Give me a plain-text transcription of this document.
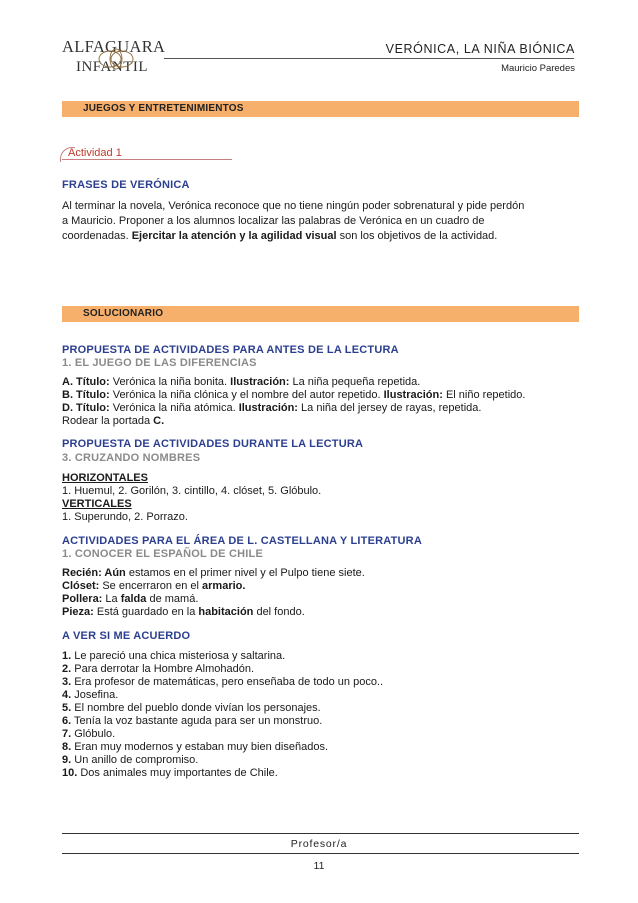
ALFAGUARA
INFANTIL
VERÓNICA, LA NIÑA BIÓNICA
Mauricio Paredes
JUEGOS Y ENTRETENIMIENTOS
Actividad 1
FRASES DE VERÓNICA
Al terminar la novela, Verónica reconoce que no tiene ningún poder sobrenatural y pide perdón
a Mauricio. Proponer a los alumnos localizar las palabras de Verónica en un cuadro de
coordenadas. Ejercitar la atención y la agilidad visual son los objetivos de la actividad.
SOLUCIONARIO
PROPUESTA DE ACTIVIDADES PARA ANTES DE LA LECTURA
1. EL JUEGO DE LAS DIFERENCIAS
A. Título: Verónica la niña bonita. Ilustración: La niña pequeña repetida.
B. Título: Verónica la niña clónica y el nombre del autor repetido. Ilustración: El niño repetido.
D. Título: Verónica la niña atómica. Ilustración: La niña del jersey de rayas, repetida.
Rodear la portada C.
PROPUESTA DE ACTIVIDADES DURANTE LA LECTURA
3. CRUZANDO NOMBRES
HORIZONTALES
1. Huemul, 2. Gorilón, 3. cintillo, 4. clóset, 5. Glóbulo.
VERTICALES
1. Superundo, 2. Porrazo.
ACTIVIDADES PARA EL ÁREA DE L. CASTELLANA Y LITERATURA
1. CONOCER EL ESPAÑOL DE CHILE
Recién: Aún estamos en el primer nivel y el Pulpo tiene siete.
Clóset: Se encerraron en el armario.
Pollera: La falda de mamá.
Pieza: Está guardado en la habitación del fondo.
A VER SI ME ACUERDO
1. Le pareció una chica misteriosa y saltarina.
2. Para derrotar la Hombre Almohadón.
3. Era profesor de matemáticas, pero enseñaba de todo un poco..
4. Josefina.
5. El nombre del pueblo donde vivían los personajes.
6. Tenía la voz bastante aguda para ser un monstruo.
7. Glóbulo.
8. Eran muy modernos y estaban muy bien diseñados.
9. Un anillo de compromiso.
10. Dos animales muy importantes de Chile.
Profesor/a
11
